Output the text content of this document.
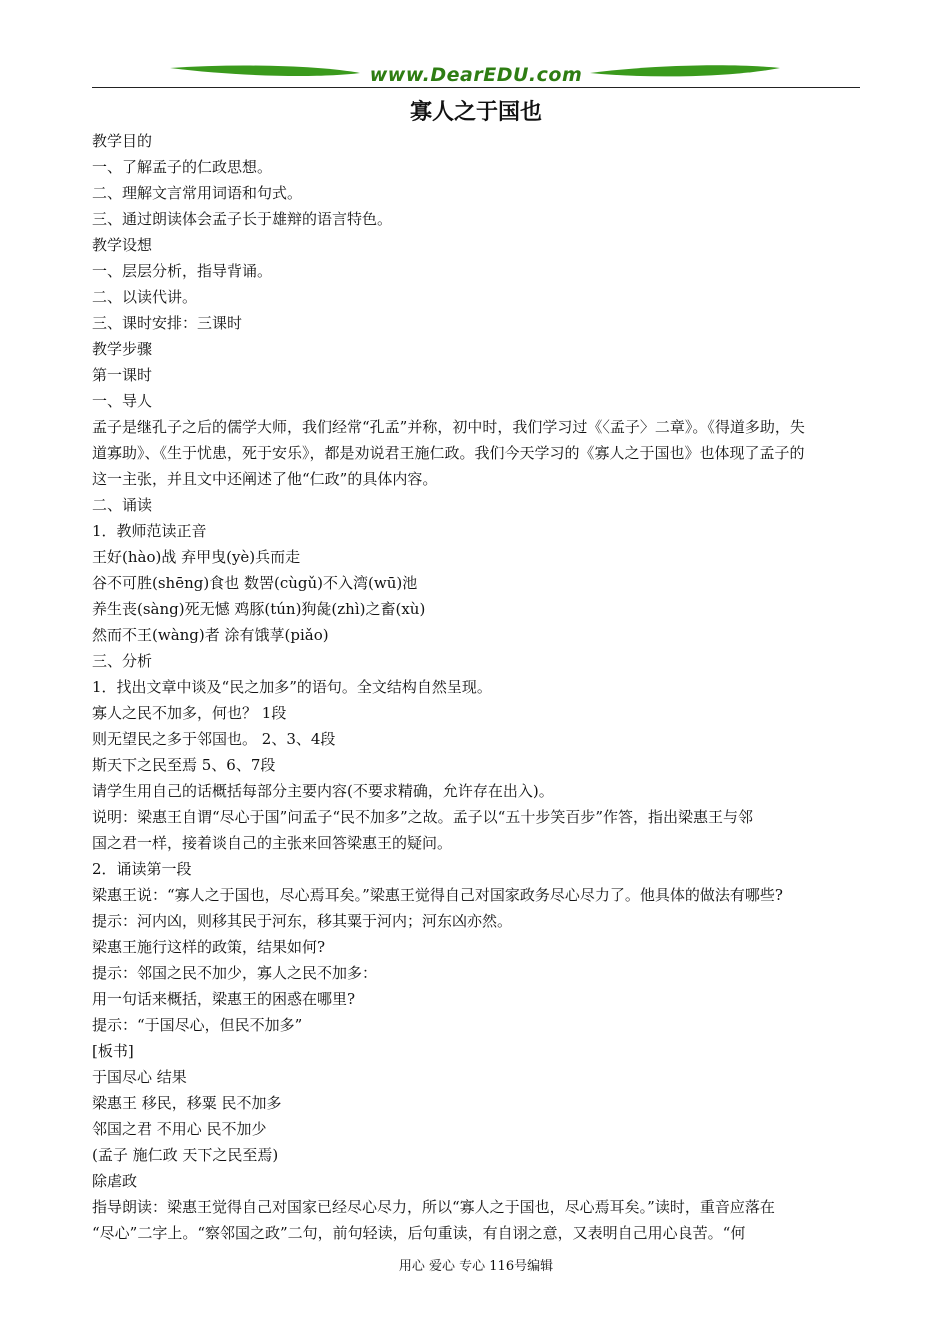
www.DearEDU.com
寡人之于国也
教学目的
一、了解孟子的仁政思想。
二、理解文言常用词语和句式。
三、通过朗读体会孟子长于雄辩的语言特色。
教学设想
一、层层分析，指导背诵。
二、以读代讲。
三、课时安排：三课时
教学步骤
第一课时
一、导人
孟子是继孔子之后的儒学大师，我们经常“孔孟”并称，初中时，我们学习过《〈孟子〉二章》。《得道多助，失
道寡助》、《生于忧患，死于安乐》，都是劝说君王施仁政。我们今天学习的《寡人之于国也》也体现了孟子的
这一主张，并且文中还阐述了他“仁政”的具体内容。
二、诵读
1．教师范读正音
王好(hào)战 弃甲曳(yè)兵而走
谷不可胜(shēng)食也 数罟(cùgǔ)不入湾(wū)池
养生丧(sàng)死无憾 鸡豚(tún)狗彘(zhì)之畜(xù)
然而不王(wàng)者 涂有饿莩(piǎo)
三、分析
1．找出文章中谈及“民之加多”的语句。全文结构自然呈现。
寡人之民不加多，何也？ 1段
则无望民之多于邻国也。 2、3、4段
斯天下之民至焉 5、6、7段
请学生用自己的话概括每部分主要内容(不要求精确，允许存在出入)。
说明：梁惠王自谓“尽心于国”问孟子“民不加多”之故。孟子以“五十步笑百步”作答，指出梁惠王与邻
国之君一样，接着谈自己的主张来回答梁惠王的疑问。
2．诵读第一段
梁惠王说：“寡人之于国也，尽心焉耳矣。”梁惠王觉得自己对国家政务尽心尽力了。他具体的做法有哪些?
提示：河内凶，则移其民于河东，移其粟于河内；河东凶亦然。
梁惠王施行这样的政策，结果如何?
提示：邻国之民不加少，寡人之民不加多：
用一句话来概括，梁惠王的困惑在哪里?
提示：“于国尽心，但民不加多”
[板书]
于国尽心 结果
梁惠王 移民，移粟 民不加多
邻国之君 不用心 民不加少
(孟子 施仁政 天下之民至焉)
除虐政
指导朗读：梁惠王觉得自己对国家已经尽心尽力，所以“寡人之于国也，尽心焉耳矣。”读时，重音应落在
“尽心”二字上。“察邻国之政”二句，前句轻读，后句重读，有自诩之意，又表明自己用心良苦。“何
用心 爱心 专心 116号编辑
